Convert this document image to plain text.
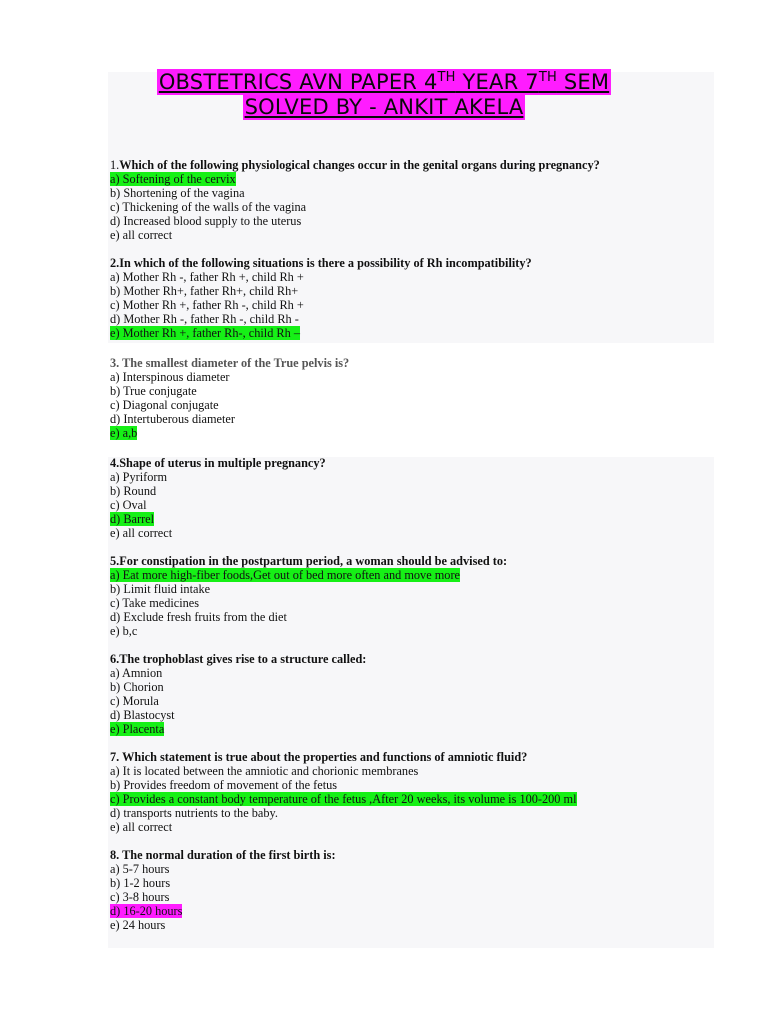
OBSTETRICS AVN PAPER 4TH YEAR 7TH SEM
SOLVED BY - ANKIT AKELA
1.Which of the following physiological changes occur in the genital organs during pregnancy?
a) Softening of the cervix
b) Shortening of the vagina
c) Thickening of the walls of the vagina
d) Increased blood supply to the uterus
e) all correct
2.In which of the following situations is there a possibility of Rh incompatibility?
a) Mother Rh -, father Rh +, child Rh +
b) Mother Rh+, father Rh+, child Rh+
c) Mother Rh +, father Rh -, child Rh +
d) Mother Rh -, father Rh -, child Rh -
e) Mother Rh +, father Rh-, child Rh –
3. The smallest diameter of the True pelvis is?
a) Interspinous diameter
b) True conjugate
c) Diagonal conjugate
d) Intertuberous diameter
e) a,b
4.Shape of uterus in multiple pregnancy?
a) Pyriform
b) Round
c) Oval
d) Barrel
e) all correct
5.For constipation in the postpartum period, a woman should be advised to:
a) Eat more high-fiber foods,Get out of bed more often and move more
b) Limit fluid intake
c) Take medicines
d) Exclude fresh fruits from the diet
e) b,c
6.The trophoblast gives rise to a structure called:
a) Amnion
b) Chorion
c) Morula
d) Blastocyst
e) Placenta
7. Which statement is true about the properties and functions of amniotic fluid?
a) It is located between the amniotic and chorionic membranes
b) Provides freedom of movement of the fetus
c) Provides a constant body temperature of the fetus ,After 20 weeks, its volume is 100-200 ml
d) transports nutrients to the baby.
e) all correct
8. The normal duration of the first birth is:
a) 5-7 hours
b) 1-2 hours
c) 3-8 hours
d) 16-20 hours
e) 24 hours
